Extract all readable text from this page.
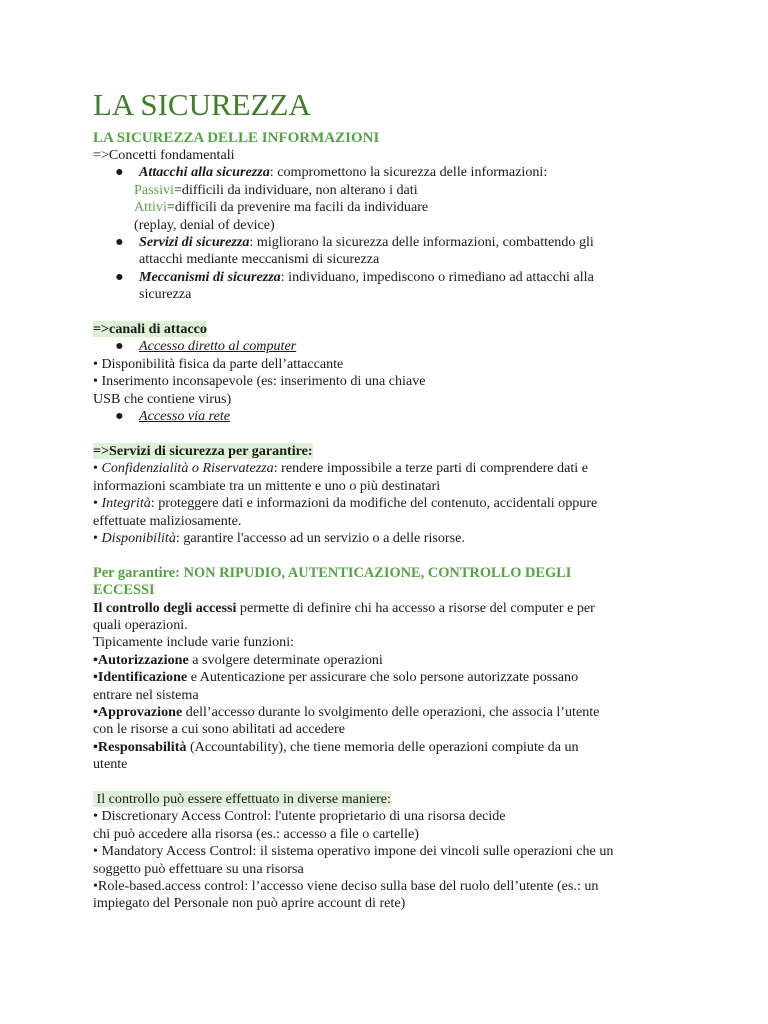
LA SICUREZZA
LA SICUREZZA DELLE INFORMAZIONI
=>Concetti fondamentali
● Attacchi alla sicurezza: compromettono la sicurezza delle informazioni:
Passivi=difficili da individuare, non alterano i dati
Attivi=difficili da prevenire ma facili da individuare
(replay, denial of device)
● Servizi di sicurezza: migliorano la sicurezza delle informazioni, combattendo gli
attacchi mediante meccanismi di sicurezza
● Meccanismi di sicurezza: individuano, impediscono o rimediano ad attacchi alla
sicurezza
=>canali di attacco
● Accesso diretto al computer
• Disponibilità fisica da parte dell’attaccante
• Inserimento inconsapevole (es: inserimento di una chiave
USB che contiene virus)
● Accesso via rete
=>Servizi di sicurezza per garantire:
• Confidenzialità o Riservatezza: rendere impossibile a terze parti di comprendere dati e
informazioni scambiate tra un mittente e uno o più destinatari
• Integrità: proteggere dati e informazioni da modifiche del contenuto, accidentali oppure
effettuate maliziosamente.
• Disponibilità: garantire l'accesso ad un servizio o a delle risorse.
Per garantire: NON RIPUDIO, AUTENTICAZIONE, CONTROLLO DEGLI
ECCESSI
Il controllo degli accessi permette di definire chi ha accesso a risorse del computer e per
quali operazioni.
Tipicamente include varie funzioni:
•Autorizzazione a svolgere determinate operazioni
•Identificazione e Autenticazione per assicurare che solo persone autorizzate possano
entrare nel sistema
•Approvazione dell’accesso durante lo svolgimento delle operazioni, che associa l’utente
con le risorse a cui sono abilitati ad accedere
•Responsabilità (Accountability), che tiene memoria delle operazioni compiute da un
utente
Il controllo può essere effettuato in diverse maniere:
• Discretionary Access Control: l'utente proprietario di una risorsa decide
chi può accedere alla risorsa (es.: accesso a file o cartelle)
• Mandatory Access Control: il sistema operativo impone dei vincoli sulle operazioni che un
soggetto può effettuare su una risorsa
•Role-based.access control: l’accesso viene deciso sulla base del ruolo dell’utente (es.: un
impiegato del Personale non può aprire account di rete)
